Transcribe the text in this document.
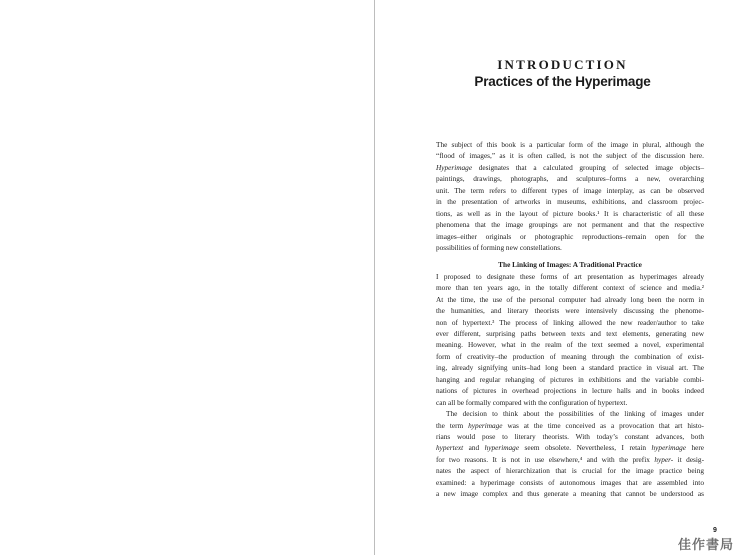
INTRODUCTION
Practices of the Hyperimage
The subject of this book is a particular form of the image in plural, although the
“flood of images,” as it is often called, is not the subject of the discussion here.
Hyperimage designates that a calculated grouping of selected image objects–
paintings, drawings, photographs, and sculptures–forms a new, overarching
unit. The term refers to different types of image interplay, as can be observed
in the presentation of artworks in museums, exhibitions, and classroom projec-
tions, as well as in the layout of picture books.¹ It is characteristic of all these
phenomena that the image groupings are not permanent and that the respective
images–either originals or photographic reproductions–remain open for the
possibilities of forming new constellations.
The Linking of Images: A Traditional Practice
I proposed to designate these forms of art presentation as hyperimages already
more than ten years ago, in the totally different context of science and media.²
At the time, the use of the personal computer had already long been the norm in
the humanities, and literary theorists were intensively discussing the phenome-
non of hypertext.³ The process of linking allowed the new reader/author to take
ever different, surprising paths between texts and text elements, generating new
meaning. However, what in the realm of the text seemed a novel, experimental
form of creativity–the production of meaning through the combination of exist-
ing, already signifying units–had long been a standard practice in visual art. The
hanging and regular rehanging of pictures in exhibitions and the variable combi-
nations of pictures in overhead projections in lecture halls and in books indeed
can all be formally compared with the configuration of hypertext.
The decision to think about the possibilities of the linking of images under
the term hyperimage was at the time conceived as a provocation that art histo-
rians would pose to literary theorists. With today’s constant advances, both
hypertext and hyperimage seem obsolete. Nevertheless, I retain hyperimage here
for two reasons. It is not in use elsewhere,⁴ and with the prefix hyper- it desig-
nates the aspect of hierarchization that is crucial for the image practice being
examined: a hyperimage consists of autonomous images that are assembled into
a new image complex and thus generate a meaning that cannot be understood as
9
佳作書局
